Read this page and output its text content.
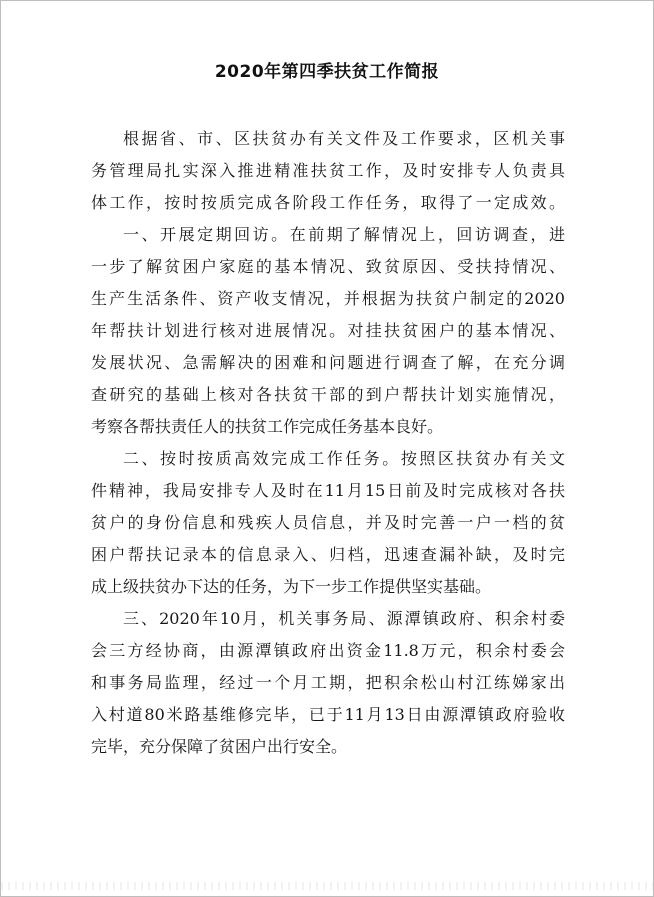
2020年第四季扶贫工作简报
根据省、市、区扶贫办有关文件及工作要求，区机关事
务管理局扎实深入推进精准扶贫工作，及时安排专人负责具
体工作，按时按质完成各阶段工作任务，取得了一定成效。
一、开展定期回访。在前期了解情况上，回访调查，进
一步了解贫困户家庭的基本情况、致贫原因、受扶持情况、
生产生活条件、资产收支情况，并根据为扶贫户制定的2020
年帮扶计划进行核对进展情况。对挂扶贫困户的基本情况、
发展状况、急需解决的困难和问题进行调查了解，在充分调
查研究的基础上核对各扶贫干部的到户帮扶计划实施情况，
考察各帮扶责任人的扶贫工作完成任务基本良好。
二、按时按质高效完成工作任务。按照区扶贫办有关文
件精神，我局安排专人及时在11月15日前及时完成核对各扶
贫户的身份信息和残疾人员信息，并及时完善一户一档的贫
困户帮扶记录本的信息录入、归档，迅速查漏补缺，及时完
成上级扶贫办下达的任务，为下一步工作提供坚实基础。
三、2020年10月，机关事务局、源潭镇政府、积余村委
会三方经协商，由源潭镇政府出资金11.8万元，积余村委会
和事务局监理，经过一个月工期，把积余松山村江练娣家出
入村道80米路基维修完毕，已于11月13日由源潭镇政府验收
完毕，充分保障了贫困户出行安全。
